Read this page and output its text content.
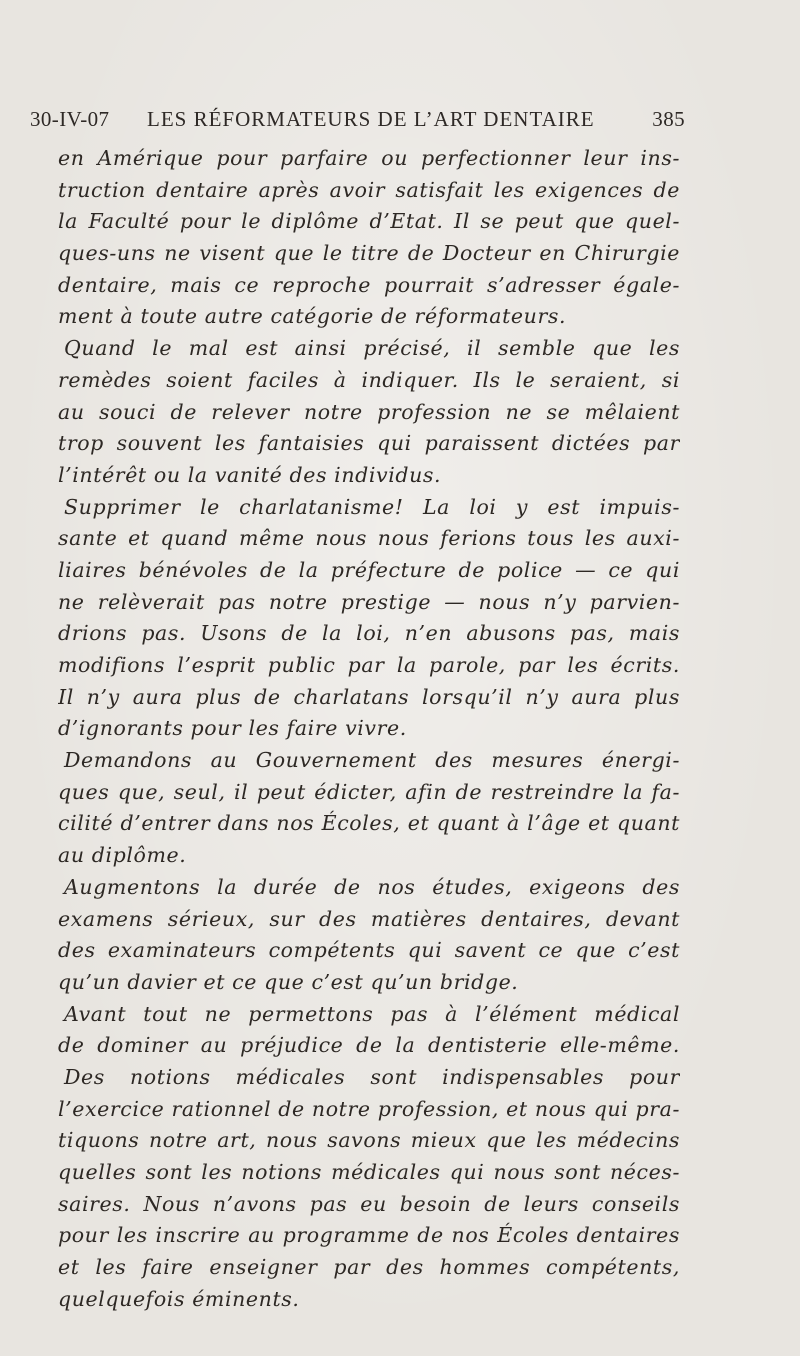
30-IV-07 LES RÉFORMATEURS DE L’ART DENTAIRE	385
en Amérique pour parfaire ou perfectionner leur ins-
truction dentaire après avoir satisfait les exigences de
la Faculté pour le diplôme d’Etat. Il se peut que quel-
ques-uns ne visent que le titre de Docteur en Chirurgie
dentaire, mais ce reproche pourrait s’adresser égale-
ment à toute autre catégorie de réformateurs.
Quand le mal est ainsi précisé, il semble que les
remèdes soient faciles à indiquer. Ils le seraient, si
au souci de relever notre profession ne se mêlaient
trop souvent les fantaisies qui paraissent dictées par
l’intérêt ou la vanité des individus.
Supprimer le charlatanisme! La loi y est impuis-
sante et quand même nous nous ferions tous les auxi-
liaires bénévoles de la préfecture de police — ce qui
ne relèverait pas notre prestige — nous n’y parvien-
drions pas. Usons de la loi, n’en abusons pas, mais
modifions l’esprit public par la parole, par les écrits.
Il n’y aura plus de charlatans lorsqu’il n’y aura plus
d’ignorants pour les faire vivre.
Demandons au Gouvernement des mesures énergi-
ques que, seul, il peut édicter, afin de restreindre la fa-
cilité d’entrer dans nos Écoles, et quant à l’âge et quant
au diplôme.
Augmentons la durée de nos études, exigeons des
examens sérieux, sur des matières dentaires, devant
des examinateurs compétents qui savent ce que c’est
qu’un davier et ce que c’est qu’un bridge.
Avant tout ne permettons pas à l’élément médical
de dominer au préjudice de la dentisterie elle-même.
Des notions médicales sont indispensables pour
l’exercice rationnel de notre profession, et nous qui pra-
tiquons notre art, nous savons mieux que les médecins
quelles sont les notions médicales qui nous sont néces-
saires. Nous n’avons pas eu besoin de leurs conseils
pour les inscrire au programme de nos Écoles dentaires
et les faire enseigner par des hommes compétents,
quelquefois éminents.
